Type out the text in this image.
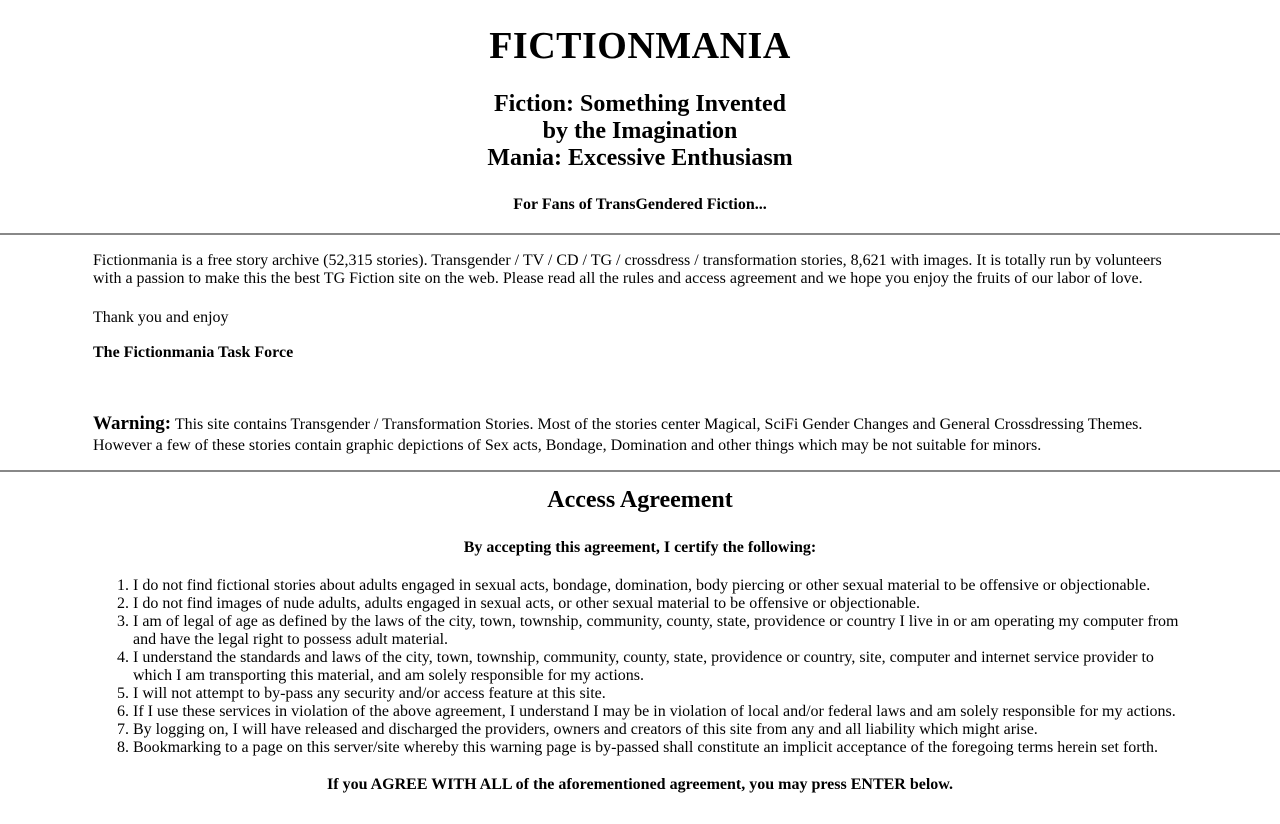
FICTIONMANIA
Fiction: Something Invented
by the Imagination
Mania: Excessive Enthusiasm

For Fans of TransGendered Fiction...

Fictionmania is a free story archive (52,315 stories). Transgender / TV / CD / TG / crossdress / transformation stories, 8,621 with images. It is totally run by volunteers with a passion to make this the best TG Fiction site on the web. Please read all the rules and access agreement and we hope you enjoy the fruits of our labor of love.

Thank you and enjoy

The Fictionmania Task Force

Warning: This site contains Transgender / Transformation Stories. Most of the stories center Magical, SciFi Gender Changes and General Crossdressing Themes. However a few of these stories contain graphic depictions of Sex acts, Bondage, Domination and other things which may be not suitable for minors.

Access Agreement

By accepting this agreement, I certify the following:

1. I do not find fictional stories about adults engaged in sexual acts, bondage, domination, body piercing or other sexual material to be offensive or objectionable.
2. I do not find images of nude adults, adults engaged in sexual acts, or other sexual material to be offensive or objectionable.
3. I am of legal of age as defined by the laws of the city, town, township, community, county, state, providence or country I live in or am operating my computer from and have the legal right to possess adult material.
4. I understand the standards and laws of the city, town, township, community, county, state, providence or country, site, computer and internet service provider to which I am transporting this material, and am solely responsible for my actions.
5. I will not attempt to by-pass any security and/or access feature at this site.
6. If I use these services in violation of the above agreement, I understand I may be in violation of local and/or federal laws and am solely responsible for my actions.
7. By logging on, I will have released and discharged the providers, owners and creators of this site from any and all liability which might arise.
8. Bookmarking to a page on this server/site whereby this warning page is by-passed shall constitute an implicit acceptance of the foregoing terms herein set forth.

If you AGREE WITH ALL of the aforementioned agreement, you may press ENTER below.
